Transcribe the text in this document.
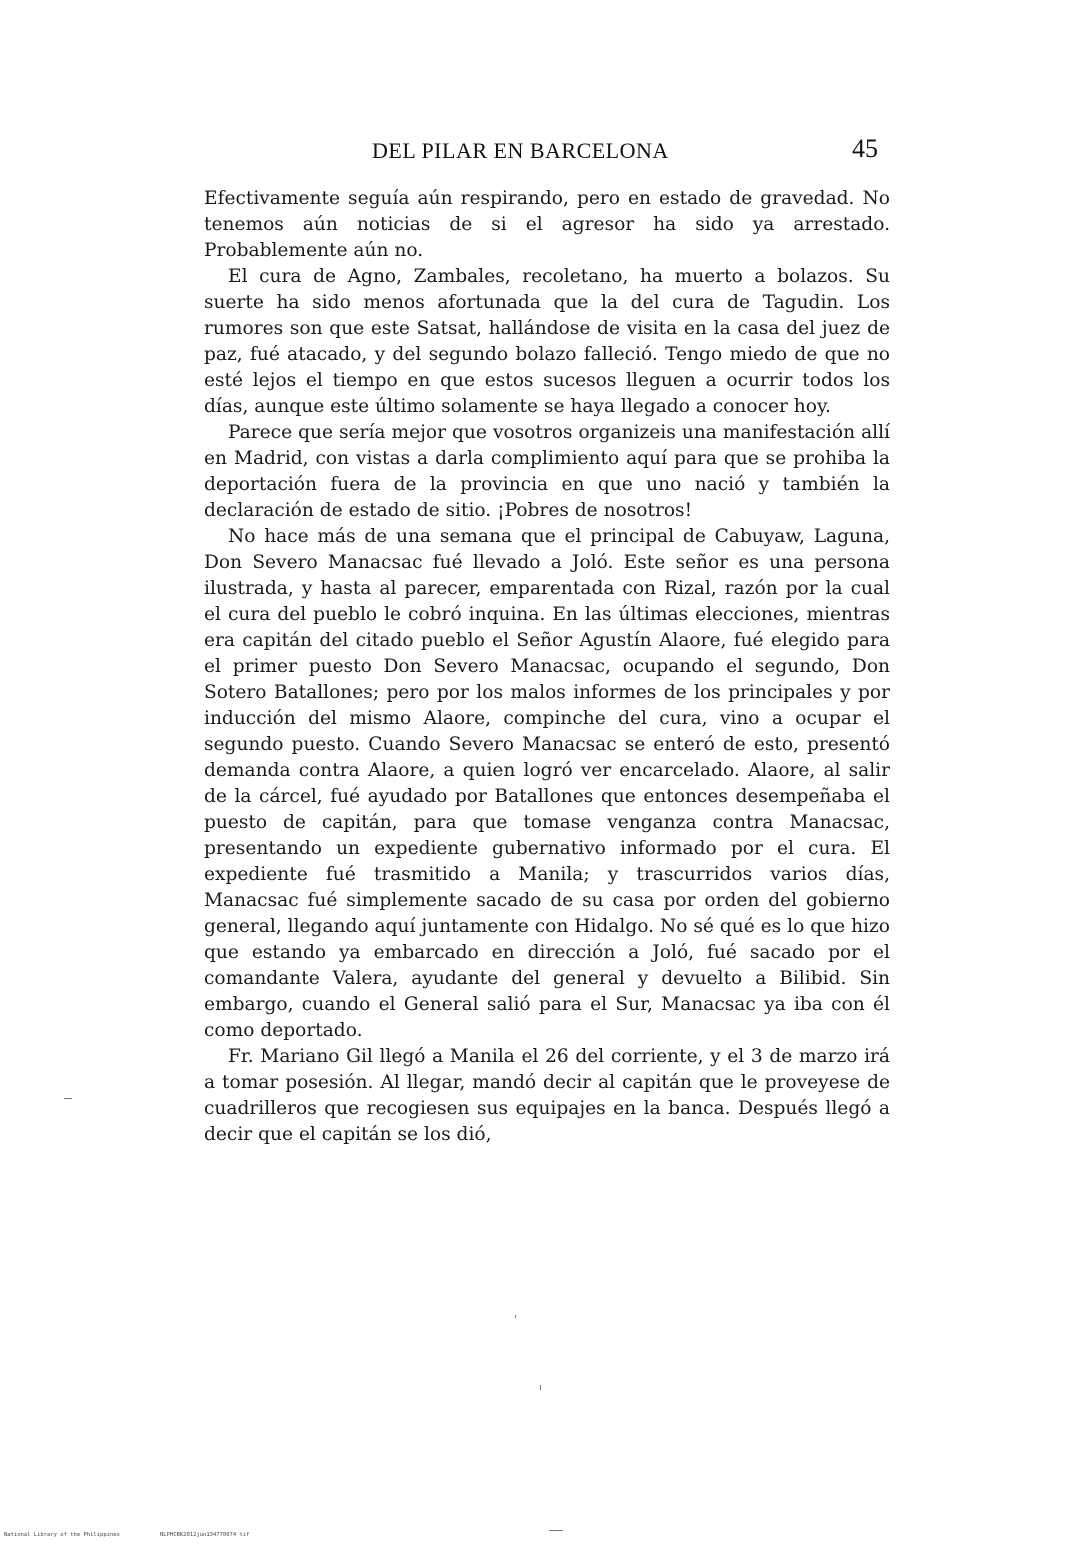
DEL PILAR EN BARCELONA	45

Efectivamente seguía aún respirando, pero en estado de gravedad. No tenemos aún noticias de si el agresor ha sido ya arrestado. Probablemente aún no.

El cura de Agno, Zambales, recoletano, ha muerto a bolazos. Su suerte ha sido menos afortunada que la del cura de Tagudin. Los rumores son que este Satsat, hallándose de visita en la casa del juez de paz, fué atacado, y del segundo bolazo falleció. Tengo miedo de que no esté lejos el tiempo en que estos sucesos lleguen a ocurrir todos los días, aunque este último solamente se haya llegado a conocer hoy.

Parece que sería mejor que vosotros organizeis una manifestación allí en Madrid, con vistas a darla complimiento aquí para que se prohiba la deportación fuera de la provincia en que uno nació y también la declaración de estado de sitio. ¡Pobres de nosotros!

No hace más de una semana que el principal de Cabuyaw, Laguna, Don Severo Manacsac fué llevado a Joló. Este señor es una persona ilustrada, y hasta al parecer, emparentada con Rizal, razón por la cual el cura del pueblo le cobró inquina. En las últimas elecciones, mientras era capitán del citado pueblo el Señor Agustín Alaore, fué elegido para el primer puesto Don Severo Manacsac, ocupando el segundo, Don Sotero Batallones; pero por los malos informes de los principales y por inducción del mismo Alaore, compinche del cura, vino a ocupar el segundo puesto. Cuando Severo Manacsac se enteró de esto, presentó demanda contra Alaore, a quien logró ver encarcelado. Alaore, al salir de la cárcel, fué ayudado por Batallones que entonces desempeñaba el puesto de capitán, para que tomase venganza contra Manacsac, presentando un expediente gubernativo informado por el cura. El expediente fué trasmitido a Manila; y trascurridos varios días, Manacsac fué simplemente sacado de su casa por orden del gobierno general, llegando aquí juntamente con Hidalgo. No sé qué es lo que hizo que estando ya embarcado en dirección a Joló, fué sacado por el comandante Valera, ayudante del general y devuelto a Bilibid. Sin embargo, cuando el General salió para el Sur, Manacsac ya iba con él como deportado.

Fr. Mariano Gil llegó a Manila el 26 del corriente, y el 3 de marzo irá a tomar posesión. Al llegar, mandó decir al capitán que le proveyese de cuadrilleros que recogiesen sus equipajes en la banca. Después llegó a decir que el capitán se los dió,

National Library of the Philippines	NLPHCBK2012jun134770074 tif
